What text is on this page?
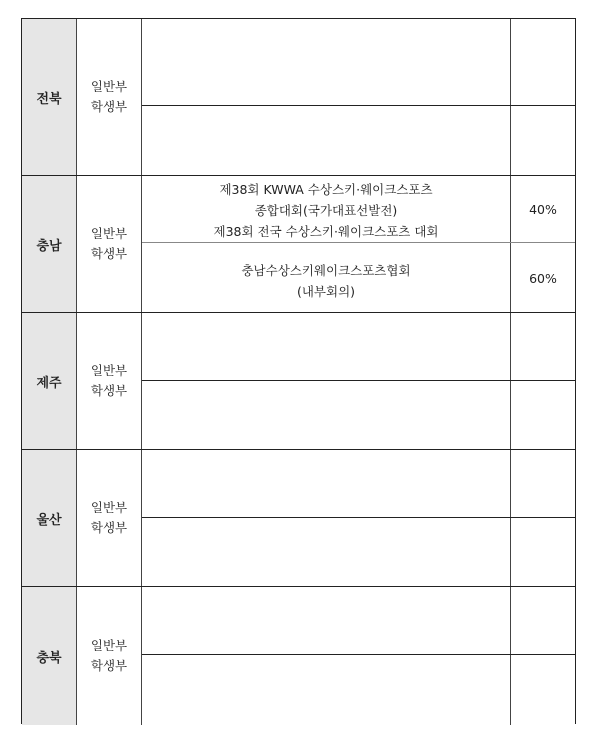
전북
일반부
학생부
충남
일반부
학생부
제38회 KWWA 수상스키·웨이크스포츠
종합대회(국가대표선발전)
제38회 전국 수상스키·웨이크스포츠 대회
충남수상스키웨이크스포츠협회
(내부회의)
40%
60%
제주
일반부
학생부
울산
일반부
학생부
충북
일반부
학생부
